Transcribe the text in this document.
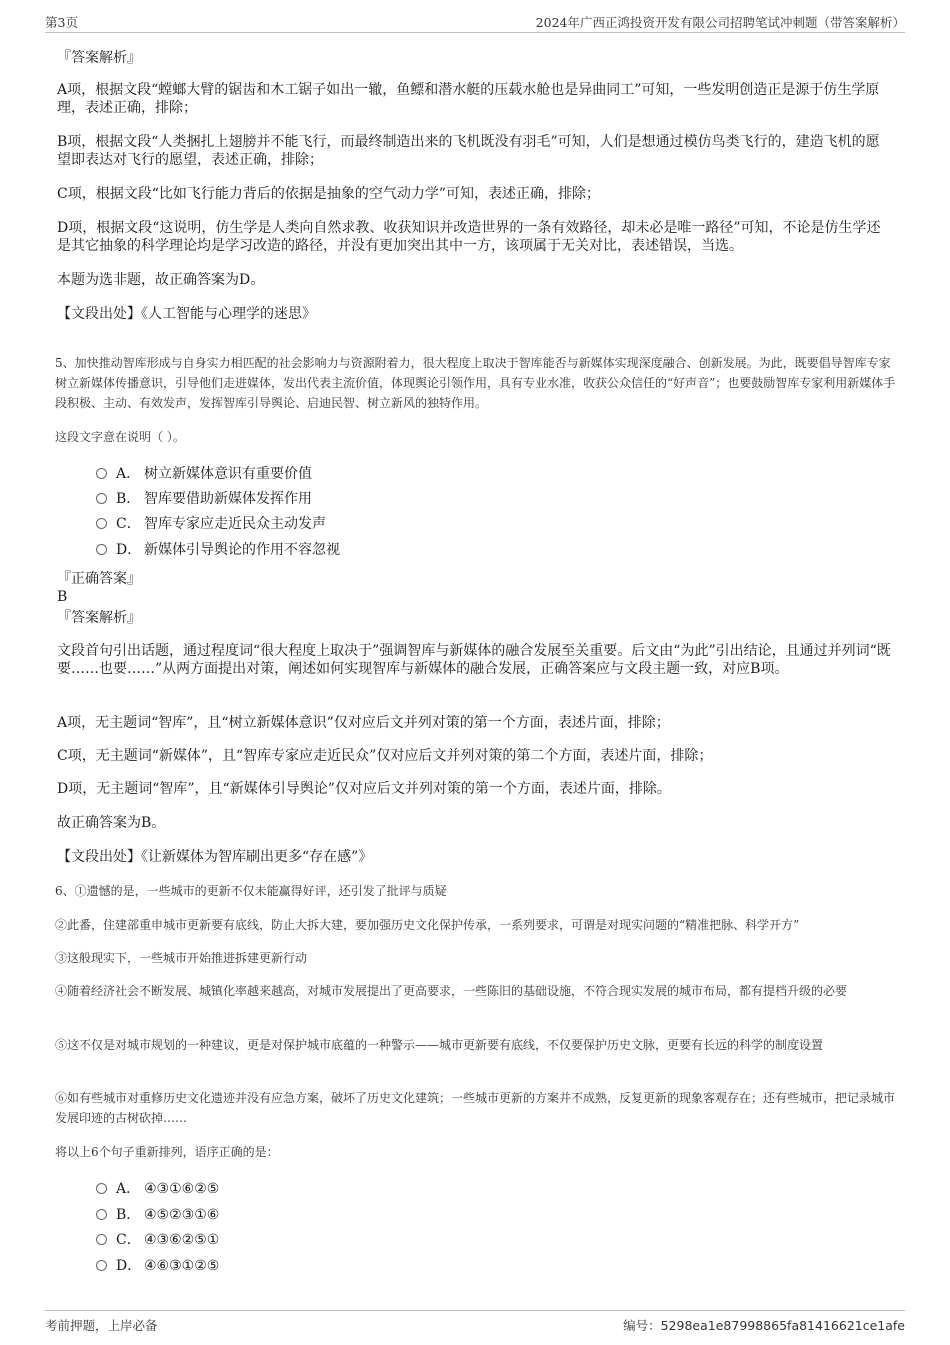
第3页	2024年广西正鸿投资开发有限公司招聘笔试冲刺题（带答案解析）
『答案解析』
A项，根据文段“螳螂大臂的锯齿和木工锯子如出一辙，鱼鳔和潜水艇的压载水舱也是异曲同工”可知，一些发明创造正是源于仿生学原理，表述正确，排除；
B项，根据文段“人类捆扎上翅膀并不能飞行，而最终制造出来的飞机既没有羽毛”可知，人们是想通过模仿鸟类飞行的，建造飞机的愿望即表达对飞行的愿望，表述正确，排除；
C项，根据文段“比如飞行能力背后的依据是抽象的空气动力学”可知，表述正确，排除；
D项，根据文段“这说明，仿生学是人类向自然求教、收获知识并改造世界的一条有效路径，却未必是唯一路径”可知，不论是仿生学还是其它抽象的科学理论均是学习改造的路径，并没有更加突出其中一方，该项属于无关对比，表述错误，当选。
本题为选非题，故正确答案为D。
【文段出处】《人工智能与心理学的迷思》
5、加快推动智库形成与自身实力相匹配的社会影响力与资源附着力，很大程度上取决于智库能否与新媒体实现深度融合、创新发展。为此，既要倡导智库专家树立新媒体传播意识，引导他们走进媒体，发出代表主流价值，体现舆论引领作用，具有专业水准，收获公众信任的“好声音”；也要鼓励智库专家利用新媒体手段积极、主动、有效发声，发挥智库引导舆论、启迪民智、树立新风的独特作用。
这段文字意在说明（ ）。
A． 树立新媒体意识有重要价值
B． 智库要借助新媒体发挥作用
C． 智库专家应走近民众主动发声
D． 新媒体引导舆论的作用不容忽视
『正确答案』
B
『答案解析』
文段首句引出话题，通过程度词“很大程度上取决于”强调智库与新媒体的融合发展至关重要。后文由“为此”引出结论，且通过并列词“既要……也要……”从两方面提出对策，阐述如何实现智库与新媒体的融合发展，正确答案应与文段主题一致，对应B项。
A项，无主题词“智库”，且“树立新媒体意识”仅对应后文并列对策的第一个方面，表述片面，排除；
C项，无主题词“新媒体”，且“智库专家应走近民众”仅对应后文并列对策的第二个方面，表述片面，排除；
D项，无主题词“智库”，且“新媒体引导舆论”仅对应后文并列对策的第一个方面，表述片面，排除。
故正确答案为B。
【文段出处】《让新媒体为智库刷出更多“存在感”》
6、①遗憾的是，一些城市的更新不仅未能赢得好评，还引发了批评与质疑
②此番，住建部重申城市更新要有底线，防止大拆大建，要加强历史文化保护传承，一系列要求，可谓是对现实问题的“精准把脉、科学开方”
③这般现实下，一些城市开始推进拆建更新行动
④随着经济社会不断发展、城镇化率越来越高，对城市发展提出了更高要求，一些陈旧的基础设施，不符合现实发展的城市布局，都有提档升级的必要
⑤这不仅是对城市规划的一种建议，更是对保护城市底蕴的一种警示——城市更新要有底线，不仅要保护历史文脉，更要有长远的科学的制度设置
⑥如有些城市对重修历史文化遗迹并没有应急方案，破坏了历史文化建筑；一些城市更新的方案并不成熟，反复更新的现象客观存在；还有些城市，把记录城市发展印迹的古树砍掉……
将以上6个句子重新排列，语序正确的是：
A． ④③①⑥②⑤
B． ④⑤②③①⑥
C． ④③⑥②⑤①
D． ④⑥③①②⑤
考前押题，上岸必备	编号：5298ea1e87998865fa81416621ce1afe
